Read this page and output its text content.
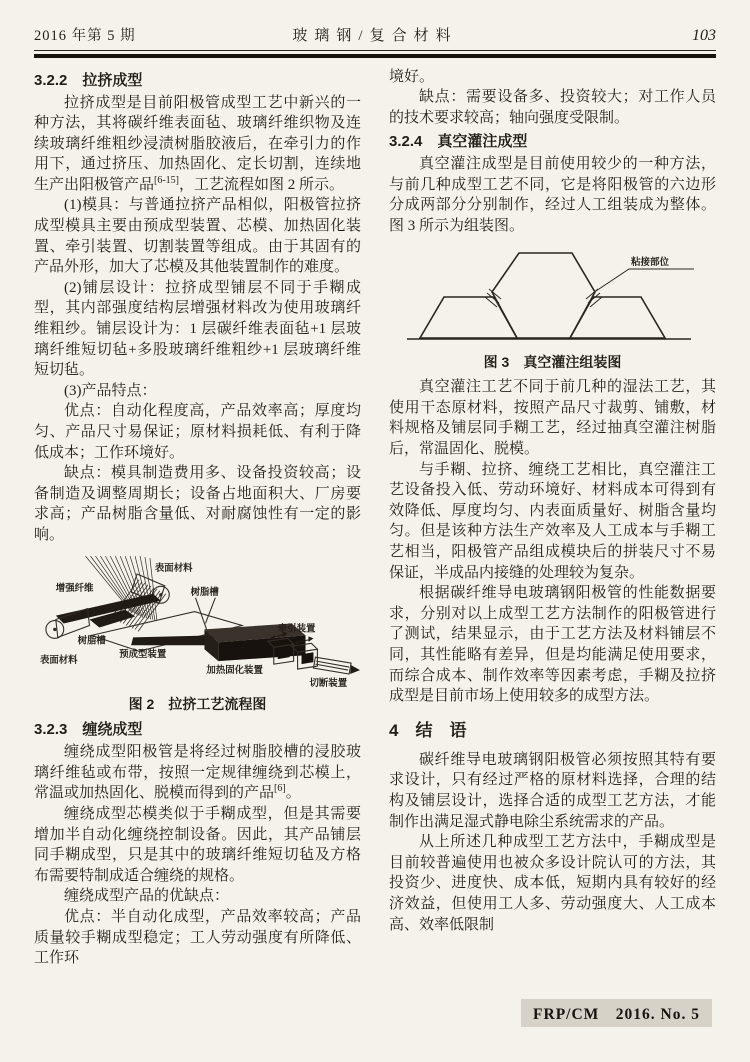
2016 年第 5 期	玻璃钢/复合材料	103
3.2.2　拉挤成型

拉挤成型是目前阳极管成型工艺中新兴的一种方法，其将碳纤维表面毡、玻璃纤维织物及连续玻璃纤维粗纱浸渍树脂胶液后，在牵引力的作用下，通过挤压、加热固化、定长切割，连续地生产出阳极管产品[6-15]，工艺流程如图 2 所示。

(1)模具：与普通拉挤产品相似，阳极管拉挤成型模具主要由预成型装置、芯模、加热固化装置、牵引装置、切割装置等组成。由于其固有的产品外形，加大了芯模及其他装置制作的难度。

(2)铺层设计：拉挤成型铺层不同于手糊成型，其内部强度结构层增强材料改为使用玻璃纤维粗纱。铺层设计为：1 层碳纤维表面毡+1 层玻璃纤维短切毡+多股玻璃纤维粗纱+1 层玻璃纤维短切毡。

(3)产品特点：

优点：自动化程度高，产品效率高；厚度均匀、产品尺寸易保证；原材料损耗低、有利于降低成本；工作环境好。

缺点：模具制造费用多、设备投资较高；设备制造及调整周期长；设备占地面积大、厂房要求高；产品树脂含量低、对耐腐蚀性有一定的影响。

增强纤维
表面材料
树脂槽
树脂槽
表面材料
预成型装置
加热固化装置
牵引装置
切断装置
图 2　拉挤工艺流程图
3.2.3　缠绕成型

缠绕成型阳极管是将经过树脂胶槽的浸胶玻璃纤维毡或布带，按照一定规律缠绕到芯模上，常温或加热固化、脱模而得到的产品[6]。

缠绕成型芯模类似于手糊成型，但是其需要增加半自动化缠绕控制设备。因此，其产品铺层同手糊成型，只是其中的玻璃纤维短切毡及方格布需要特制成适合缠绕的规格。

缠绕成型产品的优缺点：

优点：半自动化成型，产品效率较高；产品质量较手糊成型稳定；工人劳动强度有所降低、工作环

境好。

缺点：需要设备多、投资较大；对工作人员的技术要求较高；轴向强度受限制。

3.2.4　真空灌注成型

真空灌注成型是目前使用较少的一种方法，与前几种成型工艺不同，它是将阳极管的六边形分成两部分分别制作，经过人工组装成为整体。图 3 所示为组装图。

粘接部位
图 3　真空灌注组装图

真空灌注工艺不同于前几种的湿法工艺，其使用干态原材料，按照产品尺寸裁剪、铺敷，材料规格及铺层同手糊工艺，经过抽真空灌注树脂后，常温固化、脱模。

与手糊、拉挤、缠绕工艺相比，真空灌注工艺设备投入低、劳动环境好、材料成本可得到有效降低、厚度均匀、内表面质量好、树脂含量均匀。但是该种方法生产效率及人工成本与手糊工艺相当，阳极管产品组成模块后的拼装尺寸不易保证，半成品内接缝的处理较为复杂。

根据碳纤维导电玻璃钢阳极管的性能数据要求，分别对以上成型工艺方法制作的阳极管进行了测试，结果显示，由于工艺方法及材料铺层不同，其性能略有差异，但是均能满足使用要求，而综合成本、制作效率等因素考虑，手糊及拉挤成型是目前市场上使用较多的成型方法。

4　结　语

碳纤维导电玻璃钢阳极管必须按照其特有要求设计，只有经过严格的原材料选择，合理的结构及铺层设计，选择合适的成型工艺方法，才能制作出满足湿式静电除尘系统需求的产品。

从上所述几种成型工艺方法中，手糊成型是目前较普遍使用也被众多设计院认可的方法，其投资少、进度快、成本低，短期内具有较好的经济效益，但使用工人多、劳动强度大、人工成本高、效率低限制

FRP/CM　2016. No. 5
